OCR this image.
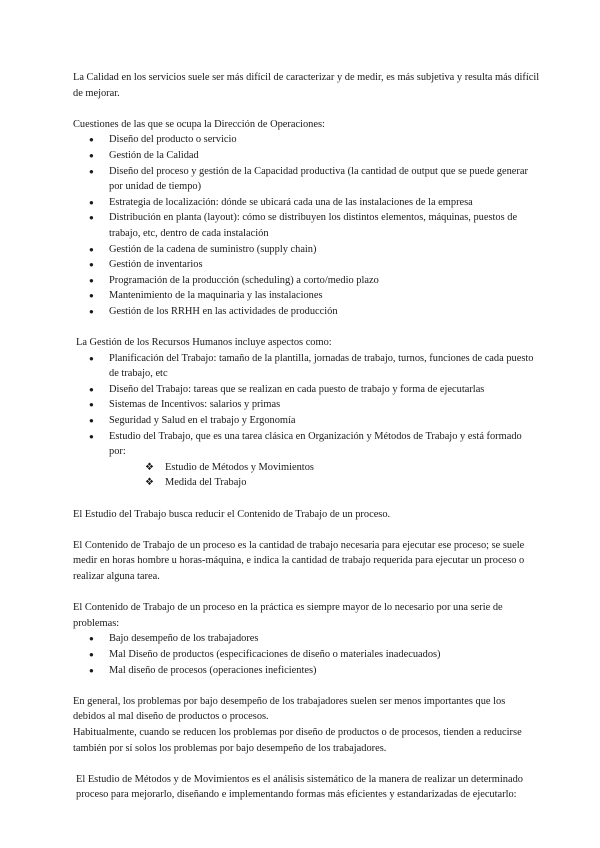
La Calidad en los servicios suele ser más difícil de caracterizar y de medir, es más subjetiva y resulta más difícil de mejorar.

Cuestiones de las que se ocupa la Dirección de Operaciones:

● Diseño del producto o servicio
● Gestión de la Calidad
● Diseño del proceso y gestión de la Capacidad productiva (la cantidad de output que se puede generar por unidad de tiempo)
● Estrategia de localización: dónde se ubicará cada una de las instalaciones de la empresa
● Distribución en planta (layout): cómo se distribuyen los distintos elementos, máquinas, puestos de trabajo, etc, dentro de cada instalación
● Gestión de la cadena de suministro (supply chain)
● Gestión de inventarios
● Programación de la producción (scheduling) a corto/medio plazo
● Mantenimiento de la maquinaria y las instalaciones
● Gestión de los RRHH en las actividades de producción

La Gestión de los Recursos Humanos incluye aspectos como:

● Planificación del Trabajo: tamaño de la plantilla, jornadas de trabajo, turnos, funciones de cada puesto de trabajo, etc
● Diseño del Trabajo: tareas que se realizan en cada puesto de trabajo y forma de ejecutarlas
● Sistemas de Incentivos: salarios y primas
● Seguridad y Salud en el trabajo y Ergonomía
● Estudio del Trabajo, que es una tarea clásica en Organización y Métodos de Trabajo y está formado por:
❖ Estudio de Métodos y Movimientos
❖ Medida del Trabajo

El Estudio del Trabajo busca reducir el Contenido de Trabajo de un proceso.

El Contenido de Trabajo de un proceso es la cantidad de trabajo necesaria para ejecutar ese proceso; se suele medir en horas hombre u horas-máquina, e indica la cantidad de trabajo requerida para ejecutar un proceso o realizar alguna tarea.

El Contenido de Trabajo de un proceso en la práctica es siempre mayor de lo necesario por una serie de problemas:

● Bajo desempeño de los trabajadores
● Mal Diseño de productos (especificaciones de diseño o materiales inadecuados)
● Mal diseño de procesos (operaciones ineficientes)

En general, los problemas por bajo desempeño de los trabajadores suelen ser menos importantes que los debidos al mal diseño de productos o procesos.

Habitualmente, cuando se reducen los problemas por diseño de productos o de procesos, tienden a reducirse también por sí solos los problemas por bajo desempeño de los trabajadores.

El Estudio de Métodos y de Movimientos es el análisis sistemático de la manera de realizar un determinado proceso para mejorarlo, diseñando e implementando formas más eficientes y estandarizadas de ejecutarlo:
